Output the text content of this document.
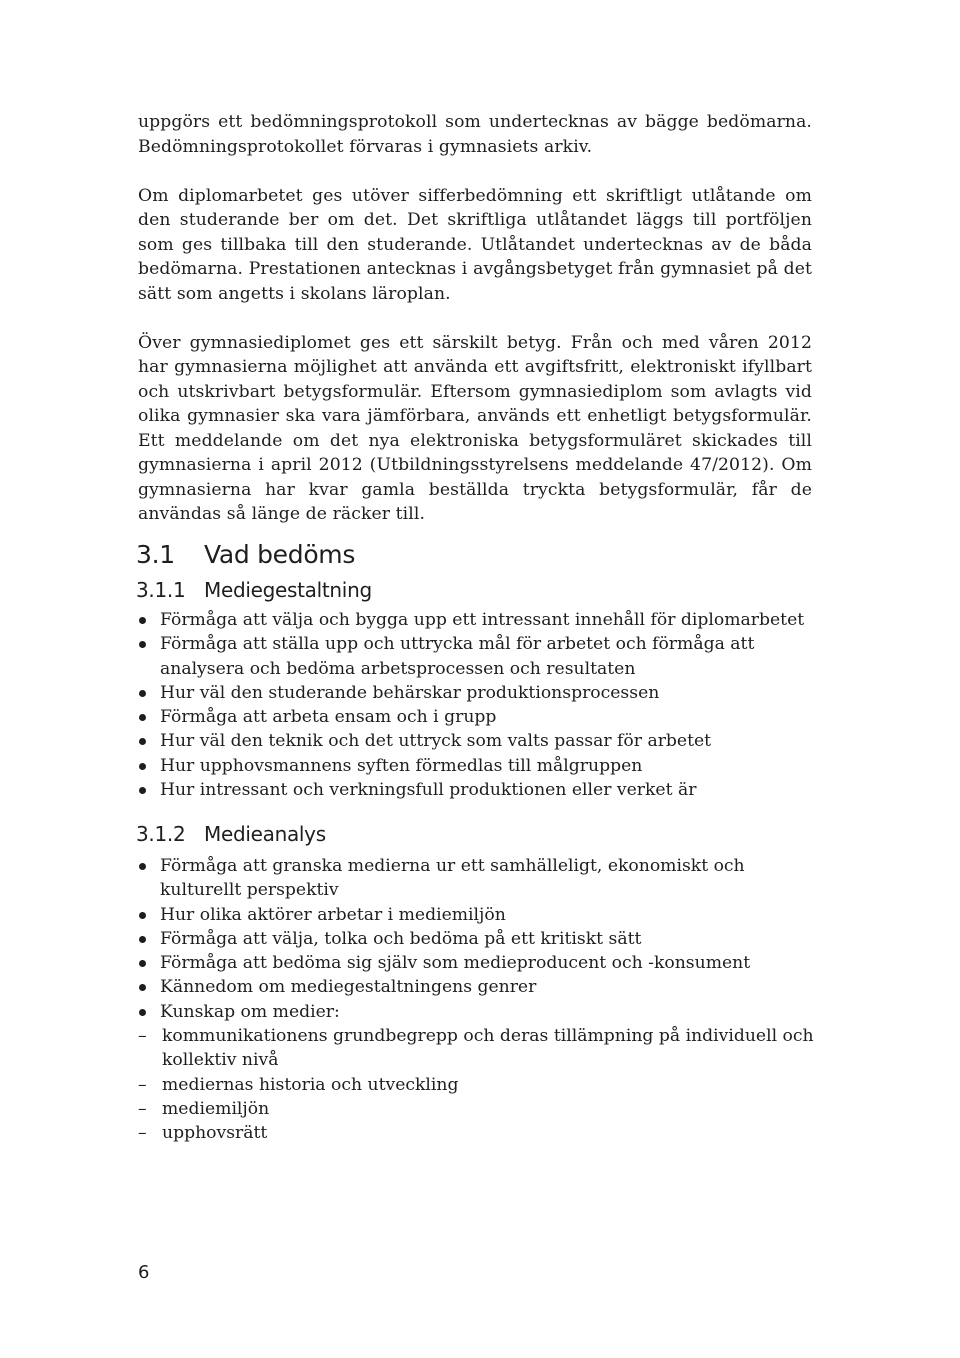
uppgörs ett bedömningsprotokoll som undertecknas av bägge bedömarna. Bedömningsprotokollet förvaras i gymnasiets arkiv.

Om diplomarbetet ges utöver sifferbedömning ett skriftligt utlåtande om den studerande ber om det. Det skriftliga utlåtandet läggs till portföljen som ges tillbaka till den studerande. Utlåtandet undertecknas av de båda bedömarna. Prestationen antecknas i avgångsbetyget från gymnasiet på det sätt som angetts i skolans läroplan.

Över gymnasiediplomet ges ett särskilt betyg. Från och med våren 2012 har gymnasierna möjlighet att använda ett avgiftsfritt, elektroniskt ifyllbart och utskrivbart betygsformulär. Eftersom gymnasiediplom som avlagts vid olika gymnasier ska vara jämförbara, används ett enhetligt betygsformulär. Ett meddelande om det nya elektroniska betygsformuläret skickades till gymnasierna i april 2012 (Utbildningsstyrelsens meddelande 47/2012). Om gymnasierna har kvar gamla beställda tryckta betygsformulär, får de användas så länge de räcker till.

3.1 Vad bedöms
3.1.1 Mediegestaltning
Förmåga att välja och bygga upp ett intressant innehåll för diplomarbetet
Förmåga att ställa upp och uttrycka mål för arbetet och förmåga att analysera och bedöma arbetsprocessen och resultaten
Hur väl den studerande behärskar produktionsprocessen
Förmåga att arbeta ensam och i grupp
Hur väl den teknik och det uttryck som valts passar för arbetet
Hur upphovsmannens syften förmedlas till målgruppen
Hur intressant och verkningsfull produktionen eller verket är
3.1.2 Medieanalys
Förmåga att granska medierna ur ett samhälleligt, ekonomiskt och kulturellt perspektiv
Hur olika aktörer arbetar i mediemiljön
Förmåga att välja, tolka och bedöma på ett kritiskt sätt
Förmåga att bedöma sig själv som medieproducent och -konsument
Kännedom om mediegestaltningens genrer
Kunskap om medier:
– kommunikationens grundbegrepp och deras tillämpning på individuell och kollektiv nivå
– mediernas historia och utveckling
– mediemiljön
– upphovsrätt
6
